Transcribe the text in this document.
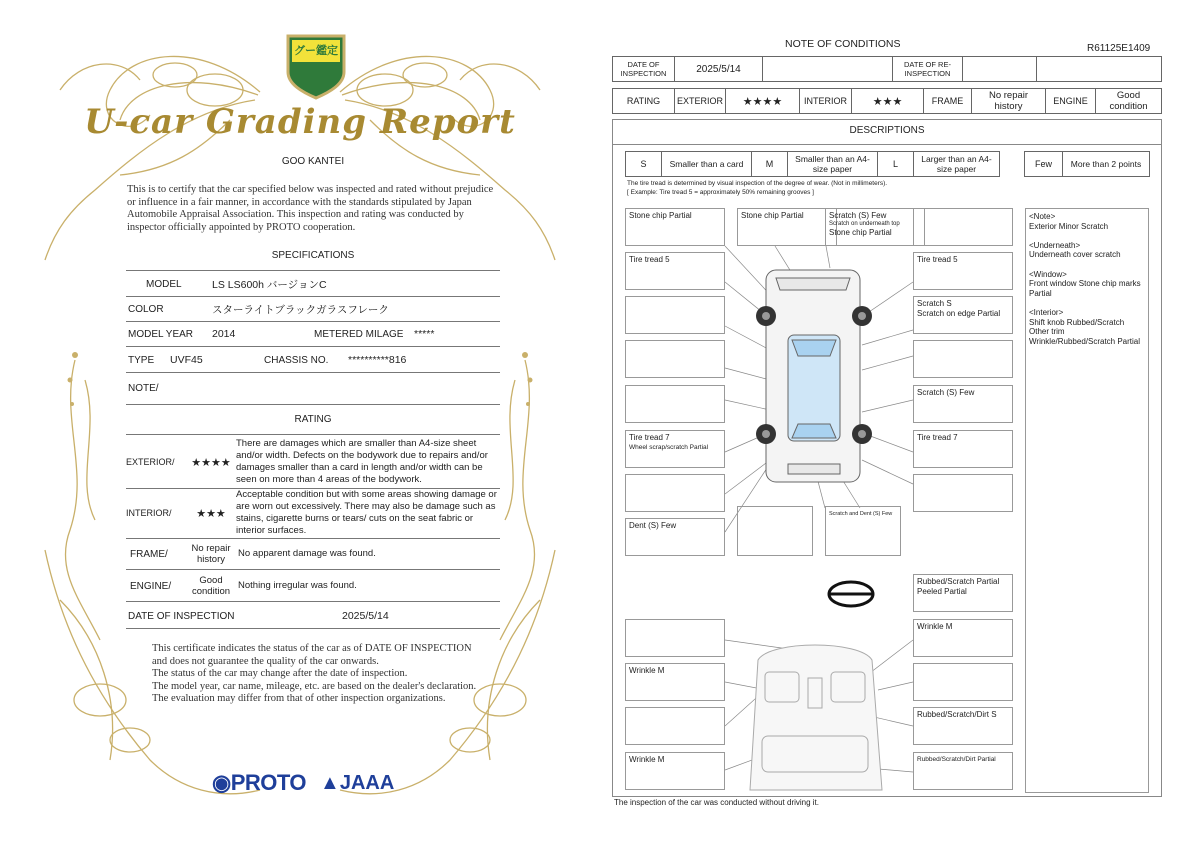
グー鑑定
U-car Grading Report
GOO KANTEI
This is to certify that the car specified below was inspected and rated without prejudice or influence in a fair manner, in accordance with the standards stipulated by Japan Automobile Appraisal Association. This inspection and rating was conducted by inspector officially appointed by PROTO cooperation.
SPECIFICATIONS
MODEL	LS LS600h バージョンC
COLOR	スターライトブラックガラスフレーク
MODEL YEAR	2014	METERED MILAGE	*****
TYPE	UVF45	CHASSIS NO.	**********816
NOTE/
RATING
EXTERIOR/	★★★★
There are damages which are smaller than A4-size sheet and/or width. Defects on the bodywork due to repairs and/or damages smaller than a card in length and/or width can be seen on more than 4 areas of the bodywork.
INTERIOR/	★★★
Acceptable condition but with some areas showing damage or are worn out excessively. There may also be damage such as stains, cigarette burns or tears/ cuts on the seat fabric or interior surfaces.
FRAME/	No repair history
No apparent damage was found.
ENGINE/	Good condition
Nothing irregular was found.
DATE OF INSPECTION	2025/5/14
This certificate indicates the status of the car as of DATE OF INSPECTION and does not guarantee the quality of the car onwards.
The status of the car may change after the date of inspection.
The model year, car name, mileage, etc. are based on the dealer's declaration.
The evaluation may differ from that of other inspection organizations.
◉PROTO ▲JAAA
NOTE OF CONDITIONS	R61125E1409
DATE OF INSPECTION	2025/5/14		DATE OF RE-INSPECTION		
RATING	EXTERIOR	★★★★	INTERIOR	★★★	FRAME	No repair history	ENGINE	Good condition
DESCRIPTIONS
S	Smaller than a card	M	Smaller than an A4-size paper	L	Larger than an A4-size paper	Few	More than 2 points
The tire tread is determined by visual inspection of the degree of wear. (Not in millimeters).
[ Example: Tire tread 5 = approximately 50% remaining grooves ]
Stone chip Partial	Stone chip Partial	Scratch (S) Few
Scratch on underneath top
Stone chip Partial
Tire tread 5	Tire tread 5
Scratch S
Scratch on edge Partial
Scratch (S) Few
Tire tread 7
Wheel scrap/scratch Partial
Tire tread 7
Dent (S) Few
Scratch and Dent (S) Few
Rubbed/Scratch Partial
Peeled Partial
Wrinkle M
Wrinkle M
Rubbed/Scratch/Dirt S
Wrinkle M	Rubbed/Scratch/Dirt Partial
<Note>
Exterior Minor Scratch
<Underneath>
Underneath cover scratch
<Window>
Front window Stone chip marks Partial
<Interior>
Shift knob Rubbed/Scratch
Other trim
Wrinkle/Rubbed/Scratch Partial
The inspection of the car was conducted without driving it.
